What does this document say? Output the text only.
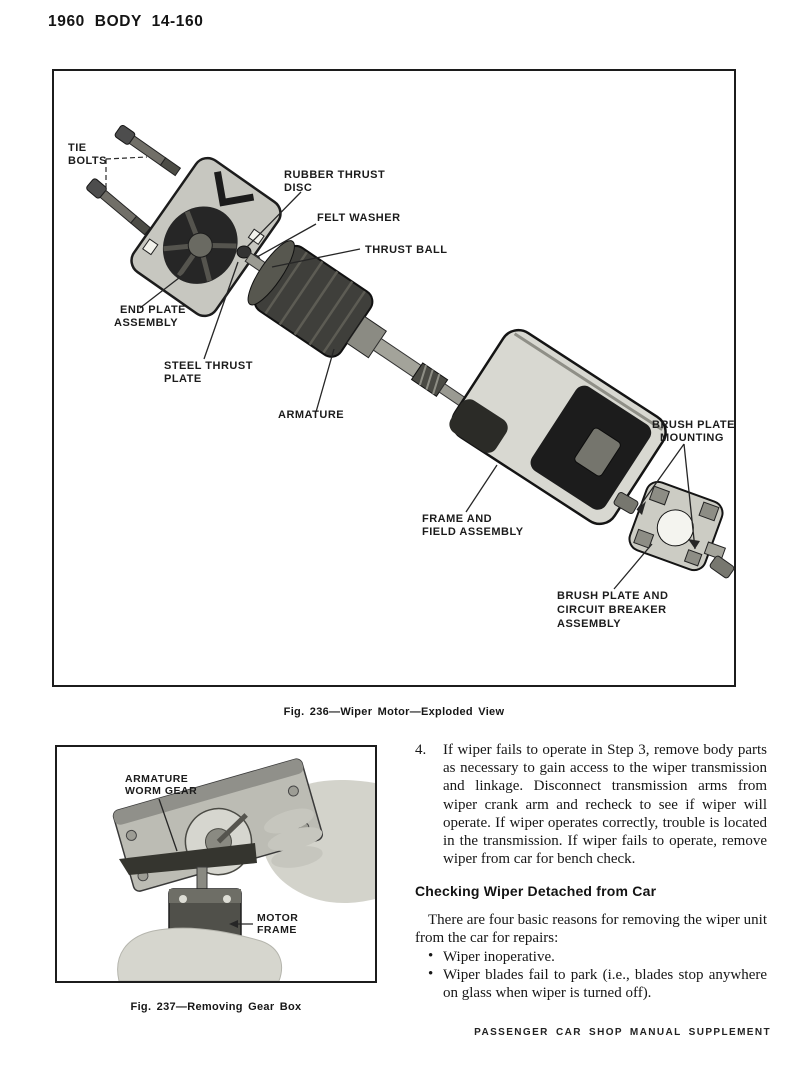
1960 BODY 14-160
TIE
BOLTS
RUBBER THRUST
DISC
FELT WASHER
THRUST BALL
END PLATE
ASSEMBLY
STEEL THRUST
PLATE
ARMATURE
FRAME AND
FIELD ASSEMBLY
BRUSH PLATE
MOUNTING
BRUSH PLATE AND
CIRCUIT BREAKER
ASSEMBLY
Fig. 236—Wiper Motor—Exploded View
ARMATURE
WORM GEAR
MOTOR
FRAME
Fig. 237—Removing Gear Box
4. If wiper fails to operate in Step 3, remove body parts as necessary to gain access to the wiper transmission and linkage. Disconnect transmission arms from wiper crank arm and recheck to see if wiper will operate. If wiper operates correctly, trouble is located in the transmission. If wiper fails to operate, remove wiper from car for bench check.
Checking Wiper Detached from Car

There are four basic reasons for removing the wiper unit from the car for repairs:

• Wiper inoperative.
• Wiper blades fail to park (i.e., blades stop anywhere on glass when wiper is turned off).
PASSENGER CAR SHOP MANUAL SUPPLEMENT
